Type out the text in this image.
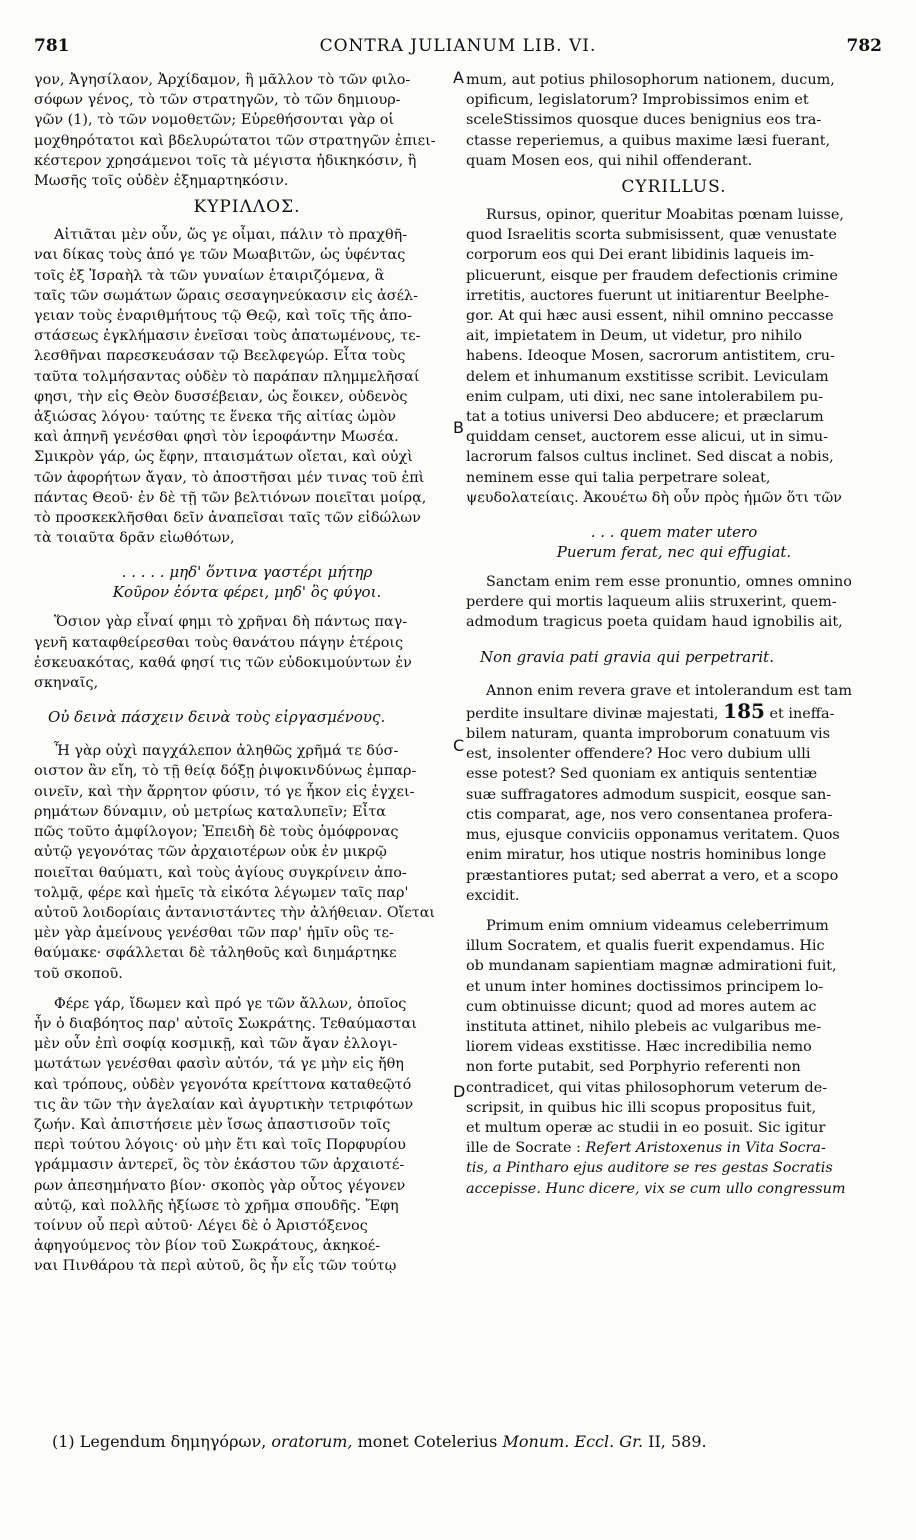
781	CONTRA JULIANUM LIB. VI.	782

γον, Ἀγησίλαον, Ἀρχίδαμον, ἢ μᾶλλον τὸ τῶν φιλο-
σόφων γένος, τὸ τῶν στρατηγῶν, τὸ τῶν δημιουρ-
γῶν (1), τὸ τῶν νομοθετῶν; Εὑρεθήσονται γὰρ οἱ
μοχθηρότατοι καὶ βδελυρώτατοι τῶν στρατηγῶν ἐπιει-
κέστερον χρησάμενοι τοῖς τὰ μέγιστα ἠδικηκόσιν, ἢ
Μωσῆς τοῖς οὐδὲν ἐξημαρτηκόσιν.

ΚΥΡΙΛΛΟΣ.

Αἰτιᾶται μὲν οὖν, ὥς γε οἶμαι, πάλιν τὸ πραχθῆ-
ναι δίκας τοὺς ἀπό γε τῶν Μωαβιτῶν, ὡς ὑφέντας
τοῖς ἐξ Ἰσραὴλ τὰ τῶν γυναίων ἑταιριζόμενα, ἃ
ταῖς τῶν σωμάτων ὥραις σεσαγηνεύκασιν εἰς ἀσέλ-
γειαν τοὺς ἐναριθμήτους τῷ Θεῷ, καὶ τοῖς τῆς ἀπο-
στάσεως ἐγκλήμασιν ἐνεῖσαι τοὺς ἀπατωμένους, τε-
λεσθῆναι παρεσκευάσαν τῷ Βεελφεγώρ. Εἶτα τοὺς
ταῦτα τολμήσαντας οὐδὲν τὸ παράπαν πλημμελῆσαί
φησι, τὴν εἰς Θεὸν δυσσέβειαν, ὡς ἔοικεν, οὐδενὸς
ἀξιώσας λόγου· ταύτης τε ἕνεκα τῆς αἰτίας ὠμὸν
καὶ ἀπηνῆ γενέσθαι φησὶ τὸν ἱεροφάντην Μωσέα.
Σμικρὸν γάρ, ὡς ἔφην, πταισμάτων οἴεται, καὶ οὐχὶ
τῶν ἀφορήτων ἄγαν, τὸ ἀποστῆσαι μέν τινας τοῦ ἐπὶ
πάντας Θεοῦ· ἐν δὲ τῇ τῶν βελτιόνων ποιεῖται μοίρᾳ,
τὸ προσκεκλῆσθαι δεῖν ἀναπεῖσαι ταῖς τῶν εἰδώλων
τὰ τοιαῦτα δρᾶν εἰωθότων,

. . . . . μηδ' ὅντινα γαστέρι μήτηρ
Κοῦρον ἐόντα φέρει, μηδ' ὃς φύγοι.

Ὅσιον γὰρ εἶναί φημι τὸ χρῆναι δὴ πάντως παγ-
γενῆ καταφθείρεσθαι τοὺς θανάτου πάγην ἑτέροις
ἐσκευακότας, καθά φησί τις τῶν εὐδοκιμούντων ἐν
σκηναῖς,

Οὐ δεινὰ πάσχειν δεινὰ τοὺς εἰργασμένους.

Ἦ γὰρ οὐχὶ παγχάλεπον ἀληθῶς χρῆμά τε δύσ-
οιστον ἂν εἴη, τὸ τῇ θείᾳ δόξῃ ῥιψοκινδύνως ἐμπαρ-
οινεῖν, καὶ τὴν ἄρρητον φύσιν, τό γε ἧκον εἰς ἐγχει-
ρημάτων δύναμιν, οὐ μετρίως καταλυπεῖν; Εἶτα
πῶς τοῦτο ἀμφίλογον; Ἐπειδὴ δὲ τοὺς ὁμόφρονας
αὐτῷ γεγονότας τῶν ἀρχαιοτέρων οὐκ ἐν μικρῷ
ποιεῖται θαύματι, καὶ τοὺς ἁγίους συγκρίνειν ἀπο-
τολμᾷ, φέρε καὶ ἡμεῖς τὰ εἰκότα λέγωμεν ταῖς παρ'
αὐτοῦ λοιδορίαις ἀντανιστάντες τὴν ἀλήθειαν. Οἴεται
μὲν γὰρ ἀμείνους γενέσθαι τῶν παρ' ἡμῖν οὓς τε-
θαύμακε· σφάλλεται δὲ τἀληθοῦς καὶ διημάρτηκε
τοῦ σκοποῦ.

Φέρε γάρ, ἴδωμεν καὶ πρό γε τῶν ἄλλων, ὁποῖος
ἦν ὁ διαβόητος παρ' αὐτοῖς Σωκράτης. Τεθαύμασται
μὲν οὖν ἐπὶ σοφίᾳ κοσμικῇ, καὶ τῶν ἄγαν ἐλλογι-
μωτάτων γενέσθαι φασὶν αὐτόν, τά γε μὴν εἰς ἤθη
καὶ τρόπους, οὐδὲν γεγονότα κρείττονα καταθεῷτό
τις ἂν τῶν τὴν ἀγελαίαν καὶ ἀγυρτικὴν τετριφότων
ζωήν. Καὶ ἀπιστήσειε μὲν ἴσως ἀπαστισοῦν τοῖς
περὶ τούτου λόγοις· οὐ μὴν ἔτι καὶ τοῖς Πορφυρίου
γράμμασιν ἀντερεῖ, ὃς τὸν ἑκάστου τῶν ἀρχαιοτέ-
ρων ἀπεσημήνατο βίον· σκοπὸς γὰρ οὗτος γέγονεν
αὐτῷ, καὶ πολλῆς ἠξίωσε τὸ χρῆμα σπουδῆς. Ἔφη
τοίνυν οὗ περὶ αὐτοῦ· Λέγει δὲ ὁ Ἀριστόξενος
ἀφηγούμενος τὸν βίον τοῦ Σωκράτους, ἀκηκοέ-
ναι Πινθάρου τὰ περὶ αὐτοῦ, ὃς ἦν εἷς τῶν τούτῳ

mum, aut potius philosophorum nationem, ducum,
opificum, legislatorum? Improbissimos enim et
sceleStissimos quosque duces benignius eos tra-
ctasse reperiemus, a quibus maxime læsi fuerant,
quam Mosen eos, qui nihil offenderant.

CYRILLUS.

Rursus, opinor, queritur Moabitas pœnam luisse,
quod Israelitis scorta submisissent, quæ venustate
corporum eos qui Dei erant libidinis laqueis im-
plicuerunt, eisque per fraudem defectionis crimine
irretitis, auctores fuerunt ut initiarentur Beelphe-
gor. At qui hæc ausi essent, nihil omnino peccasse
ait, impietatem in Deum, ut videtur, pro nihilo
habens. Ideoque Mosen, sacrorum antistitem, cru-
delem et inhumanum exstitisse scribit. Leviculam
enim culpam, uti dixi, nec sane intolerabilem pu-
tat a totius universi Deo abducere; et præclarum
quiddam censet, auctorem esse alicui, ut in simu-
lacrorum falsos cultus inclinet. Sed discat a nobis,
neminem esse qui talia perpetrare soleat,

ψευδολατείαις. Ἀκουέτω δὴ οὖν πρὸς ἡμῶν ὅτι τῶν

. . . quem mater utero
Puerum ferat, nec qui effugiat.

Sanctam enim rem esse pronuntio, omnes omnino
perdere qui mortis laqueum aliis struxerint, quem-
admodum tragicus poeta quidam haud ignobilis ait,

Non gravia pati gravia qui perpetrarit.

Annon enim revera grave et intolerandum est tam
perdite insultare divinæ majestati, 185 et ineffa-
bilem naturam, quanta improborum conatuum vis
est, insolenter offendere? Hoc vero dubium ulli
esse potest? Sed quoniam ex antiquis sententiæ
suæ suffragatores admodum suspicit, eosque san-
ctis comparat, age, nos vero consentanea profera-
mus, ejusque conviciis opponamus veritatem. Quos
enim miratur, hos utique nostris hominibus longe
præstantiores putat; sed aberrat a vero, et a scopo
excidit.

Primum enim omnium videamus celeberrimum
illum Socratem, et qualis fuerit expendamus. Hic
ob mundanam sapientiam magnæ admirationi fuit,
et unum inter homines doctissimos principem lo-
cum obtinuisse dicunt; quod ad mores autem ac
instituta attinet, nihilo plebeis ac vulgaribus me-
liorem videas exstitisse. Hæc incredibilia nemo
non forte putabit, sed Porphyrio referenti non
contradicet, qui vitas philosophorum veterum de-
scripsit, in quibus hic illi scopus propositus fuit,
et multum operæ ac studii in eo posuit. Sic igitur
ille de Socrate : Refert Aristoxenus in Vita Socra-
tis, a Pintharo ejus auditore se res gestas Socratis
accepisse. Hunc dicere, vix se cum ullo congressum

A
B
C
D
(1) Legendum δημηγόρων, oratorum, monet Cotelerius Monum. Eccl. Gr. II, 589.
